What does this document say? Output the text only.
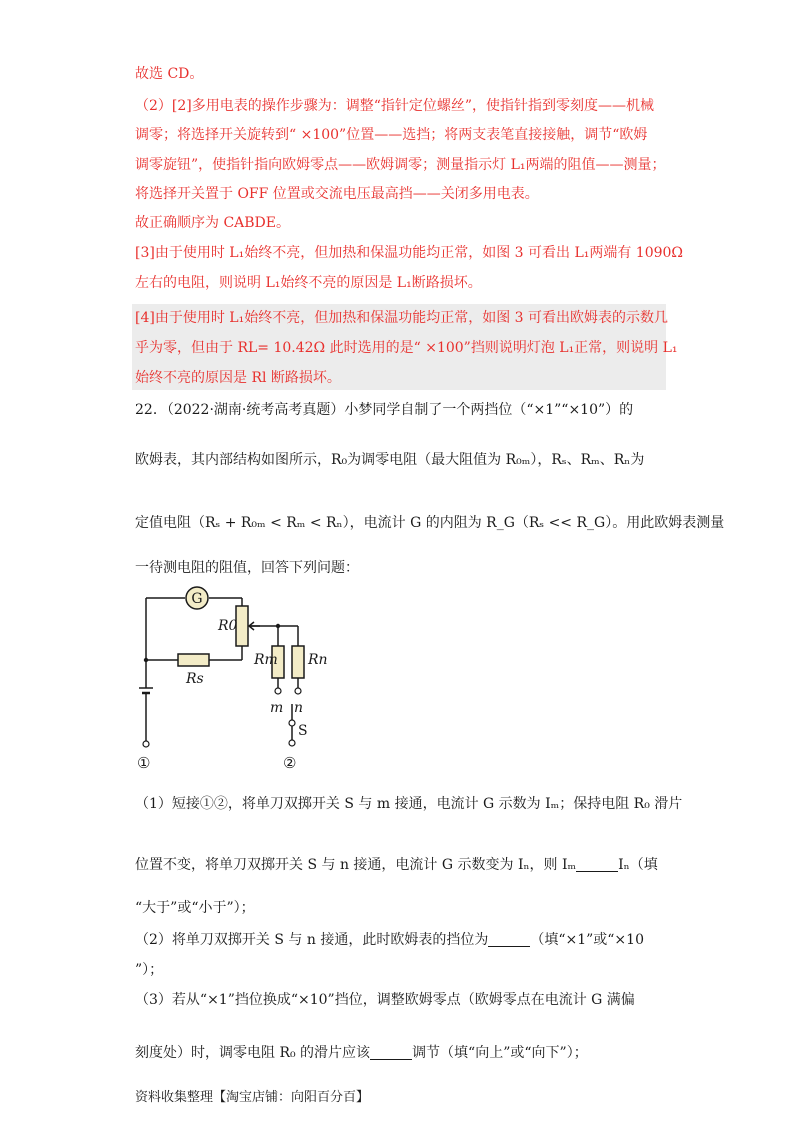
故选 CD。
（2）[2]多用电表的操作步骤为：调整“指针定位螺丝”，使指针指到零刻度——机械
调零；将选择开关旋转到“ ×100”位置——选挡；将两支表笔直接接触，调节“欧姆
调零旋钮”，使指针指向欧姆零点——欧姆调零；测量指示灯 L₁两端的阻值——测量；
将选择开关置于 OFF 位置或交流电压最高挡——关闭多用电表。
故正确顺序为 CABDE。
[3]由于使用时 L₁始终不亮，但加热和保温功能均正常，如图 3 可看出 L₁两端有 1090Ω
左右的电阻，则说明 L₁始终不亮的原因是 L₁断路损坏。
[4]由于使用时 L₁始终不亮，但加热和保温功能均正常，如图 3 可看出欧姆表的示数几
乎为零，但由于 RL= 10.42Ω 此时选用的是“ ×100”挡则说明灯泡 L₁正常，则说明 L₁
始终不亮的原因是 Rl 断路损坏。
22．（2022·湖南·统考高考真题）小梦同学自制了一个两挡位（“×1”“×10”）的
欧姆表，其内部结构如图所示，R₀为调零电阻（最大阻值为 R₀ₘ），Rₛ、Rₘ、Rₙ为
定值电阻（Rₛ + R₀ₘ < Rₘ < Rₙ），电流计 G 的内阻为 R_G（Rₛ << R_G）。用此欧姆表测量
一待测电阻的阻值，回答下列问题：
G
R0
Rs
Rm Rn
m n
S
①	②
（1）短接①②，将单刀双掷开关 S 与 m 接通，电流计 G 示数为 Iₘ；保持电阻 R₀ 滑片
位置不变，将单刀双掷开关 S 与 n 接通，电流计 G 示数变为 Iₙ，则 Iₘ	Iₙ（填
“大于”或“小于”）；
（2）将单刀双掷开关 S 与 n 接通，此时欧姆表的挡位为	（填“×1”或“×10
”）；
（3）若从“×1”挡位换成“×10”挡位，调整欧姆零点（欧姆零点在电流计 G 满偏
刻度处）时，调零电阻 R₀ 的滑片应该	调节（填“向上”或“向下”）；
资料收集整理【淘宝店铺：向阳百分百】
